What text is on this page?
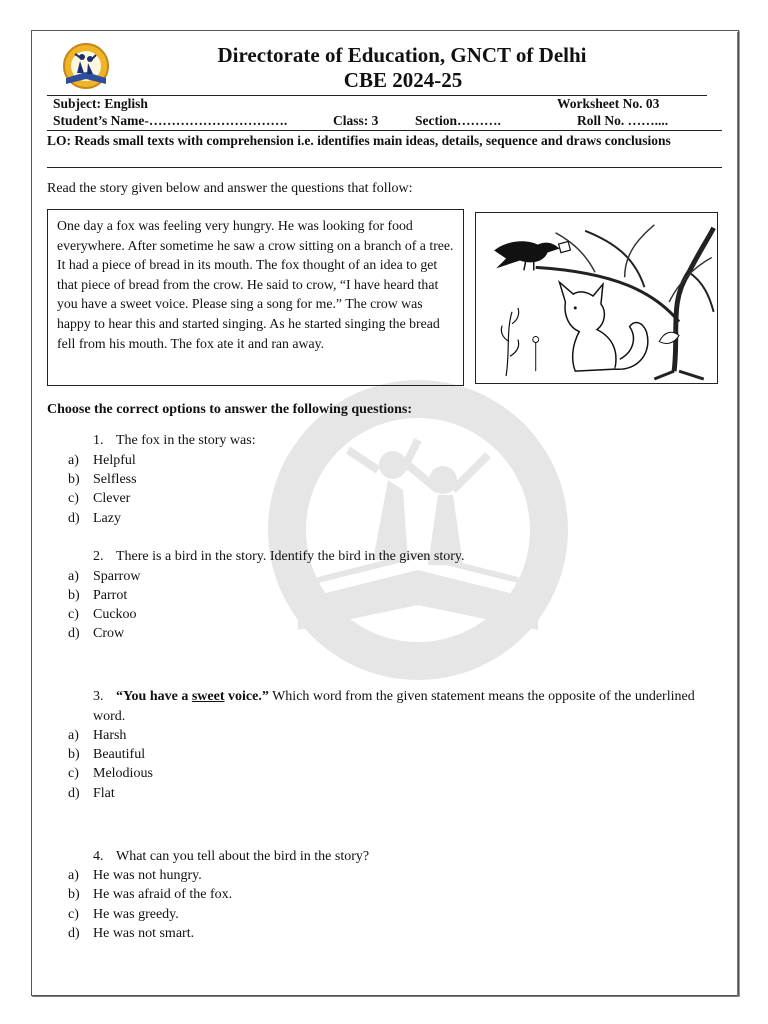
Directorate of Education, GNCT of Delhi
CBE 2024-25
Subject: English	Worksheet No. 03
Student’s Name-………………………….	Class: 3	Section……….	Roll No. ……....
LO: Reads small texts with comprehension i.e. identifies main ideas, details, sequence and draws conclusions
Read the story given below and answer the questions that follow:
One day a fox was feeling very hungry. He was looking for food everywhere. After sometime he saw a crow sitting on a branch of a tree. It had a piece of bread in its mouth. The fox thought of an idea to get that piece of bread from the crow. He said to crow, “I have heard that you have a sweet voice. Please sing a song for me.” The crow was happy to hear this and started singing. As he started singing the bread fell from his mouth. The fox ate it and ran away.
Choose the correct options to answer the following questions:
1. The fox in the story was:
a) Helpful
b) Selfless
c) Clever
d) Lazy
2. There is a bird in the story. Identify the bird in the given story.
a) Sparrow
b) Parrot
c) Cuckoo
d) Crow
3. “You have a sweet voice.” Which word from the given statement means the opposite of the underlined word.
a) Harsh
b) Beautiful
c) Melodious
d) Flat
4. What can you tell about the bird in the story?
a) He was not hungry.
b) He was afraid of the fox.
c) He was greedy.
d) He was not smart.
